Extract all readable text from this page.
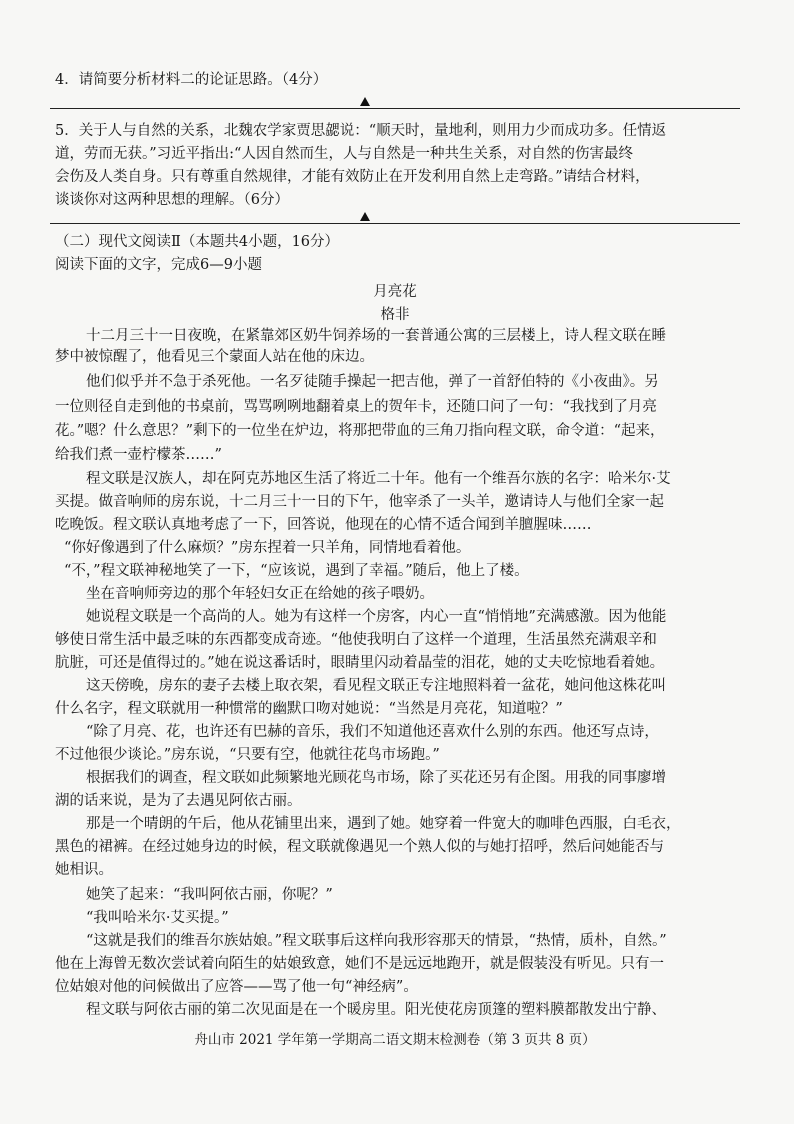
4．请简要分析材料二的论证思路。（4分）
5．关于人与自然的关系，北魏农学家贾思勰说：“顺天时，量地利，则用力少而成功多。任情返
道，劳而无获。”习近平指出:“人因自然而生，人与自然是一种共生关系，对自然的伤害最终
会伤及人类自身。只有尊重自然规律，才能有效防止在开发利用自然上走弯路。”请结合材料，
谈谈你对这两种思想的理解。（6分）
（二）现代文阅读Ⅱ（本题共4小题，16分）
阅读下面的文字，完成6—9小题
月亮花
格非
十二月三十一日夜晚，在紧靠郊区奶牛饲养场的一套普通公寓的三层楼上，诗人程文联在睡
梦中被惊醒了，他看见三个蒙面人站在他的床边。
他们似乎并不急于杀死他。一名歹徒随手操起一把吉他，弹了一首舒伯特的《小夜曲》。另
一位则径自走到他的书桌前，骂骂咧咧地翻着桌上的贺年卡，还随口问了一句：“我找到了月亮
花。”嗯？什么意思？”剩下的一位坐在炉边，将那把带血的三角刀指向程文联，命令道：“起来，
给我们煮一壶柠檬茶……”
程文联是汉族人，却在阿克苏地区生活了将近二十年。他有一个维吾尔族的名字：哈米尔·艾
买提。做音响师的房东说，十二月三十一日的下午，他宰杀了一头羊，邀请诗人与他们全家一起
吃晚饭。程文联认真地考虑了一下，回答说，他现在的心情不适合闻到羊膻腥味……
“你好像遇到了什么麻烦？”房东捏着一只羊角，同情地看着他。
“不，”程文联神秘地笑了一下，“应该说，遇到了幸福。”随后，他上了楼。
坐在音响师旁边的那个年轻妇女正在给她的孩子喂奶。
她说程文联是一个高尚的人。她为有这样一个房客，内心一直“悄悄地”充满感激。因为他能
够使日常生活中最乏味的东西都变成奇迹。“他使我明白了这样一个道理，生活虽然充满艰辛和
肮脏，可还是值得过的。”她在说这番话时，眼睛里闪动着晶莹的泪花，她的丈夫吃惊地看着她。
这天傍晚，房东的妻子去楼上取衣架，看见程文联正专注地照料着一盆花，她问他这株花叫
什么名字，程文联就用一种惯常的幽默口吻对她说：“当然是月亮花，知道啦？”
“除了月亮、花，也许还有巴赫的音乐，我们不知道他还喜欢什么别的东西。他还写点诗，
不过他很少谈论。”房东说，“只要有空，他就往花鸟市场跑。”
根据我们的调查，程文联如此频繁地光顾花鸟市场，除了买花还另有企图。用我的同事廖增
湖的话来说，是为了去遇见阿依古丽。
那是一个晴朗的午后，他从花铺里出来，遇到了她。她穿着一件宽大的咖啡色西服，白毛衣，
黑色的裙裤。在经过她身边的时候，程文联就像遇见一个熟人似的与她打招呼，然后问她能否与
她相识。
她笑了起来：“我叫阿依古丽，你呢？”
“我叫哈米尔·艾买提。”
“这就是我们的维吾尔族姑娘。”程文联事后这样向我形容那天的情景，“热情，质朴，自然。”
他在上海曾无数次尝试着向陌生的姑娘致意，她们不是远远地跑开，就是假装没有听见。只有一
位姑娘对他的问候做出了应答——骂了他一句“神经病”。
程文联与阿依古丽的第二次见面是在一个暖房里。阳光使花房顶篷的塑料膜都散发出宁静、
舟山市 2021 学年第一学期高二语文期末检测卷（第 3 页共 8 页）
